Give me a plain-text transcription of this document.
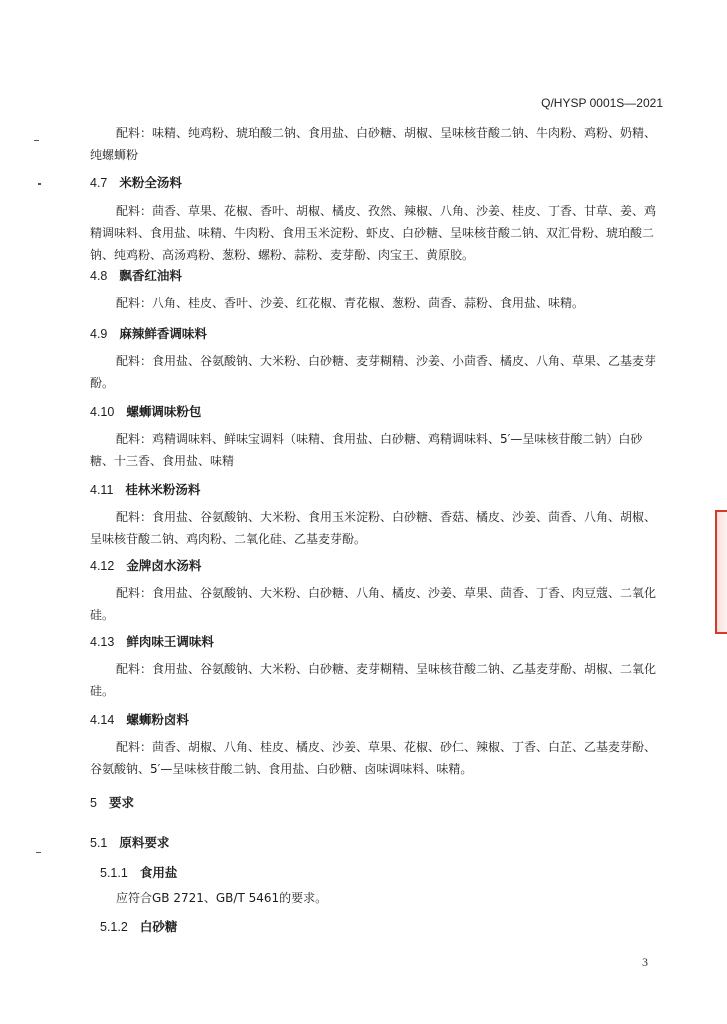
Q/HYSP 0001S—2021
配料：味精、纯鸡粉、琥珀酸二钠、食用盐、白砂糖、胡椒、呈味核苷酸二钠、牛肉粉、鸡粉、奶精、纯螺蛳粉
4.7 米粉全汤料
配料：茴香、草果、花椒、香叶、胡椒、橘皮、孜然、辣椒、八角、沙姜、桂皮、丁香、甘草、姜、鸡精调味料、食用盐、味精、牛肉粉、食用玉米淀粉、虾皮、白砂糖、呈味核苷酸二钠、双汇骨粉、琥珀酸二钠、纯鸡粉、高汤鸡粉、葱粉、螺粉、蒜粉、麦芽酚、肉宝王、黄原胶。
4.8 飘香红油料
配料：八角、桂皮、香叶、沙姜、红花椒、青花椒、葱粉、茴香、蒜粉、食用盐、味精。
4.9 麻辣鲜香调味料
配料：食用盐、谷氨酸钠、大米粉、白砂糖、麦芽糊精、沙姜、小茴香、橘皮、八角、草果、乙基麦芽酚。
4.10 螺蛳调味粉包
配料：鸡精调味料、鲜味宝调料（味精、食用盐、白砂糖、鸡精调味料、5′—呈味核苷酸二钠）白砂糖、十三香、食用盐、味精
4.11 桂林米粉汤料
配料：食用盐、谷氨酸钠、大米粉、食用玉米淀粉、白砂糖、香菇、橘皮、沙姜、茴香、八角、胡椒、呈味核苷酸二钠、鸡肉粉、二氧化硅、乙基麦芽酚。
4.12 金牌卤水汤料
配料：食用盐、谷氨酸钠、大米粉、白砂糖、八角、橘皮、沙姜、草果、茴香、丁香、肉豆蔻、二氧化硅。
4.13 鲜肉味王调味料
配料：食用盐、谷氨酸钠、大米粉、白砂糖、麦芽糊精、呈味核苷酸二钠、乙基麦芽酚、胡椒、二氧化硅。
4.14 螺蛳粉卤料
配料：茴香、胡椒、八角、桂皮、橘皮、沙姜、草果、花椒、砂仁、辣椒、丁香、白芷、乙基麦芽酚、谷氨酸钠、5′—呈味核苷酸二钠、食用盐、白砂糖、卤味调味料、味精。
5 要求
5.1 原料要求
5.1.1 食用盐
应符合GB 2721、GB/T 5461的要求。
5.1.2 白砂糖
3
